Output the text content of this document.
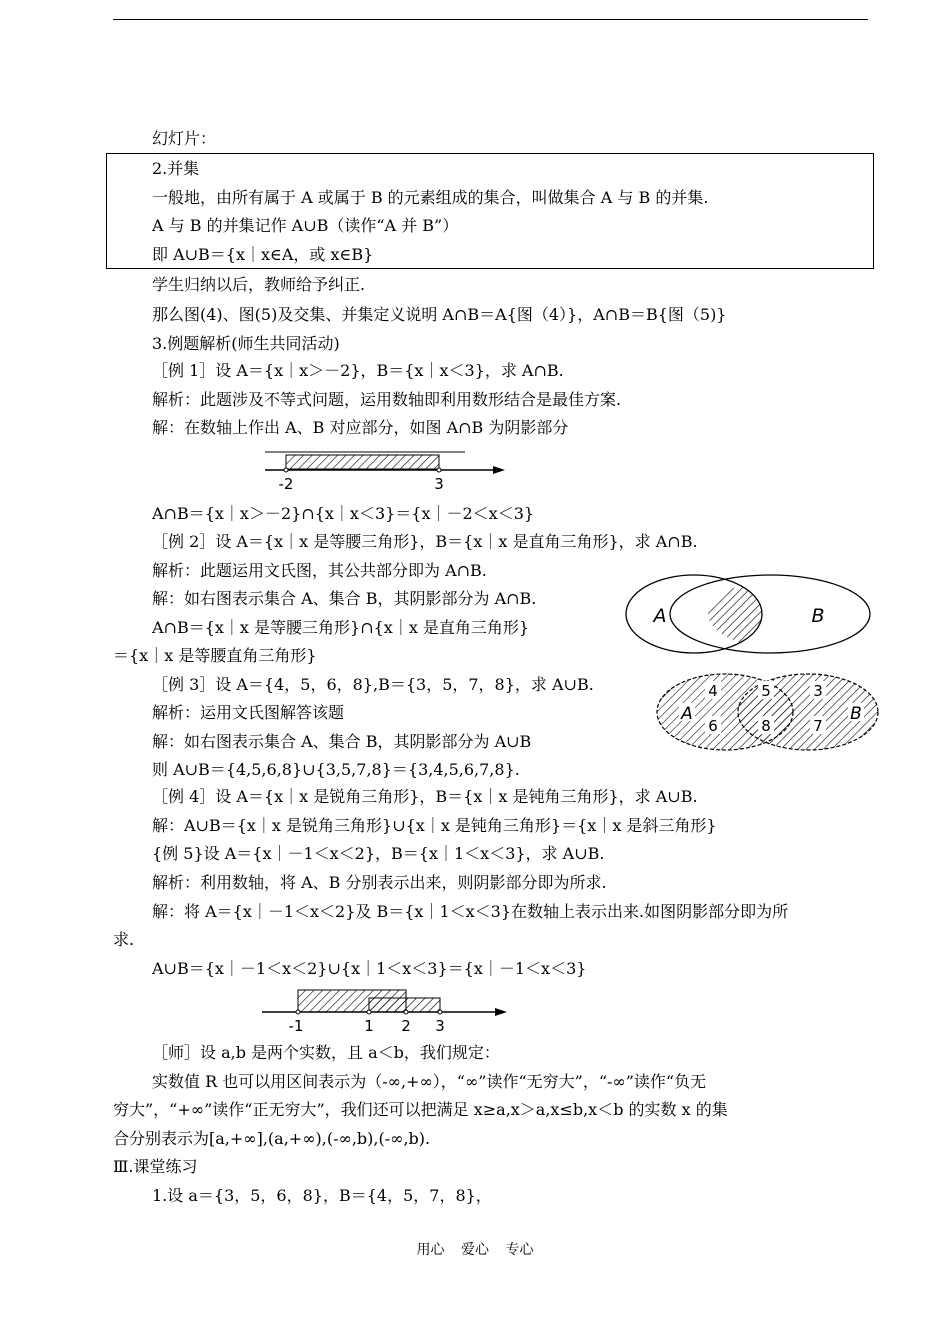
幻灯片：
2.并集
一般地，由所有属于 A 或属于 B 的元素组成的集合，叫做集合 A 与 B 的并集.
A 与 B 的并集记作 A∪B（读作“A 并 B”）
即 A∪B＝{x｜x∈A，或 x∈B}
学生归纳以后，教师给予纠正.
那么图(4)、图(5)及交集、并集定义说明 A∩B＝A{图（4）}，A∩B＝B{图（5)}
3.例题解析(师生共同活动)
［例 1］设 A＝{x｜x＞－2}，B＝{x｜x＜3}，求 A∩B.
解析：此题涉及不等式问题，运用数轴即利用数形结合是最佳方案.
解：在数轴上作出 A、B 对应部分，如图 A∩B 为阴影部分
-2	3
A∩B＝{x｜x＞－2}∩{x｜x＜3}＝{x｜－2＜x＜3}
［例 2］设 A＝{x｜x 是等腰三角形}，B＝{x｜x 是直角三角形}，求 A∩B.
解析：此题运用文氏图，其公共部分即为 A∩B.
解：如右图表示集合 A、集合 B，其阴影部分为 A∩B.
A∩B＝{x｜x 是等腰三角形}∩{x｜x 是直角三角形}
＝{x｜x 是等腰直角三角形}
A	B
［例 3］设 A＝{4，5，6，8},B＝{3，5，7，8}，求 A∪B.
解析：运用文氏图解答该题
解：如右图表示集合 A、集合 B，其阴影部分为 A∪B
则 A∪B＝{4,5,6,8}∪{3,5,7,8}＝{3,4,5,6,7,8}.
A	B
4
6
5
8
3
7
［例 4］设 A＝{x｜x 是锐角三角形}，B＝{x｜x 是钝角三角形}，求 A∪B.
解：A∪B＝{x｜x 是锐角三角形}∪{x｜x 是钝角三角形}＝{x｜x 是斜三角形}
{例 5}设 A＝{x｜－1＜x＜2}，B＝{x｜1＜x＜3}，求 A∪B.
解析：利用数轴，将 A、B 分别表示出来，则阴影部分即为所求.
解：将 A＝{x｜－1＜x＜2}及 B＝{x｜1＜x＜3}在数轴上表示出来.如图阴影部分即为所
求.
A∪B＝{x｜－1＜x＜2}∪{x｜1＜x＜3}＝{x｜－1＜x＜3}
-1	1 2 3
［师］设 a,b 是两个实数，且 a＜b，我们规定：
实数值 R 也可以用区间表示为（-∞,+∞），“∞”读作“无穷大”，“-∞”读作“负无
穷大”，“+∞”读作“正无穷大”，我们还可以把满足 x≥a,x＞a,x≤b,x＜b 的实数 x 的集
合分别表示为[a,+∞],(a,+∞),(-∞,b),(-∞,b).
Ⅲ.课堂练习
1.设 a＝{3，5，6，8}，B＝{4，5，7，8}，
用心 爱心 专心
